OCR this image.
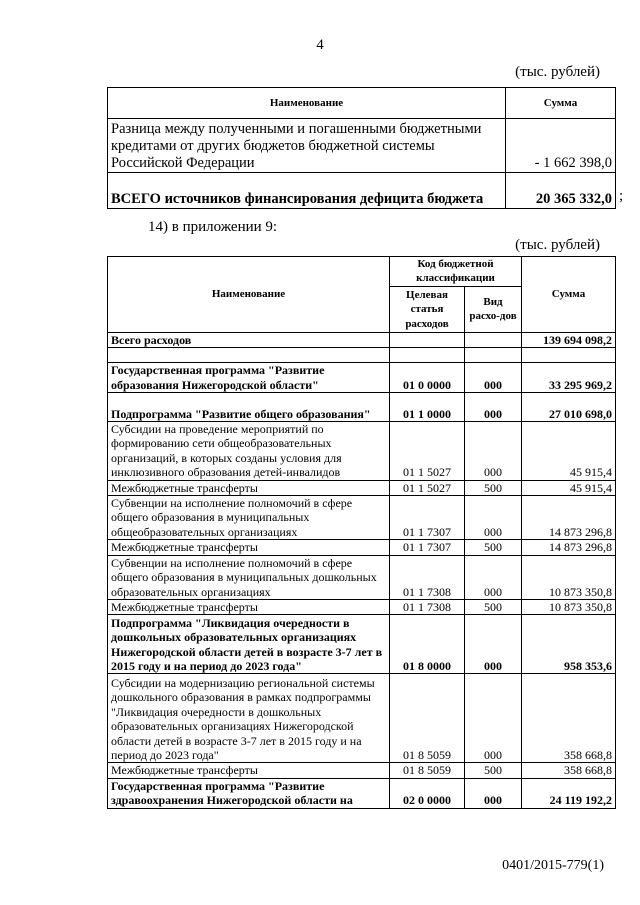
4
(тыс. рублей)
Наименование	Сумма
Разница между полученными и погашенными бюджетными кредитами от других бюджетов бюджетной системы Российской Федерации	- 1 662 398,0
ВСЕГО источников финансирования дефицита бюджета	20 365 332,0 ;
14) в приложении 9:
(тыс. рублей)
Наименование	Код бюджетной классификации		Сумма
	Целевая статья расходов	Вид расхо-дов	
Всего расходов			139 694 098,2

Государственная программа "Развитие образования Нижегородской области"	01 0 0000	000	33 295 969,2
Подпрограмма "Развитие общего образования"	01 1 0000	000	27 010 698,0
Субсидии на проведение мероприятий по формированию сети общеобразовательных организаций, в которых созданы условия для инклюзивного образования детей-инвалидов	01 1 5027	000	45 915,4
Межбюджетные трансферты	01 1 5027	500	45 915,4
Субвенции на исполнение полномочий в сфере общего образования в муниципальных общеобразовательных организациях	01 1 7307	000	14 873 296,8
Межбюджетные трансферты	01 1 7307	500	14 873 296,8
Субвенции на исполнение полномочий в сфере общего образования в муниципальных дошкольных образовательных организациях	01 1 7308	000	10 873 350,8
Межбюджетные трансферты	01 1 7308	500	10 873 350,8
Подпрограмма "Ликвидация очередности в дошкольных образовательных организациях Нижегородской области детей в возрасте 3-7 лет в 2015 году и на период до 2023 года"	01 8 0000	000	958 353,6
Субсидии на модернизацию региональной системы дошкольного образования в рамках подпрограммы "Ликвидация очередности в дошкольных образовательных организациях Нижегородской области детей в возрасте 3-7 лет в 2015 году и на период до 2023 года"	01 8 5059	000	358 668,8
Межбюджетные трансферты	01 8 5059	500	358 668,8
Государственная программа "Развитие здравоохранения Нижегородской области на	02 0 0000	000	24 119 192,2
0401/2015-779(1)
